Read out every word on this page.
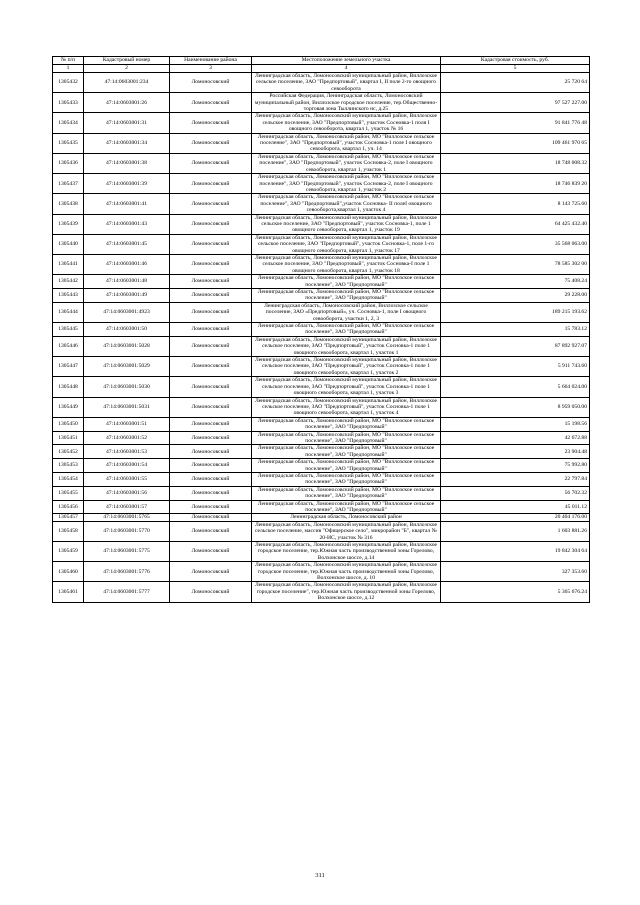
№ п/п	Кадастровый номер	Наименование района	Местоположение земельного участка	Кадастровая стоимость, руб.
1	2	3	4	5
1305432	47:14:0603001:234	Ломоносовский	Ленинградская область, Ломоносовский муниципальный район, Виллозское сельское поселение, ЗАО "Предпортовый", квартал I, II поле 2-го овощного севооборота	25 720 64
1305433	47:14:0603001:26	Ломоносовский	Российская Федерация, Ленинградская область, Ломоносовский муниципальный район, Виллозское городское поселение, тер.Общественно-торговая зона Тыллинского нс, д.25	97 527 227.00
1305434	47:14:0603001:31	Ломоносовский	Ленинградская область, Ломоносовский муниципальный район, Виллозское сельское поселение, ЗАО "Предпортовый", участок Сосновка-1 поля I овощного севооборота, квартал 1, участок № 16	91 841 776 48
1305435	47:14:0603001:34	Ломоносовский	Ленинградская область, Ломоносовский район, МО "Виллозское сельское поселение", ЗАО "Предпортовый", участок Сосновка-1 поле I овощного севооборота, квартал 1, уч. 14	109 461 970 65
1305436	47:14:0603001:38	Ломоносовский	Ленинградская область, Ломоносовский район, МО "Виллозское сельское поселение", ЗАО "Предпортовый", участок Сосновка-2, поле I овощного севооборота, квартал 1, участок 1	18 748 008.32
1305437	47:14:0603001:39	Ломоносовский	Ленинградская область, Ломоносовский район, МО "Виллозское сельское поселение", ЗАО "Предпортовый", участок Сосновка-2, поле I овощного севооборота, квартал 1, участок 2	18 746 839 20
1305438	47:14:0603001:41	Ломоносовский	Ленинградская область, Ломоносовский район, МО "Виллозское сельское поселение", ЗАО "Предпортовый",участок Сосновка- II полеI овощного севооборота,квартал 1, участок 4	8 143 725.60
1305439	47:14:0603001:43	Ломоносовский	Ленинградская область, Ломоносовский муниципальный район, Виллозское сельское поселение, ЗАО "Предпортовый", участок Сосновка-1, поле 1 овощного севооборота, квартал 1, участок 19	64 425 432.40
1305440	47:14:0603001:45	Ломоносовский	Ленинградская область, Ломоносовский муниципальный район, Виллозское сельское поселение, ЗАО "Предпортовый", участок Сосновка-1, поле 1-го овощного севооборота, квартал 1, участок 17	35 568 063.00
1305441	47:14:0603001:46	Ломоносовский	Ленинградская область, Ломоносовский муниципальный район, Виллозское сельское поселение, ЗАО "Предпортовый", участок Сосновка-I поле 1 овощного севооборота, квартал 1, участок 18	78 585 302 00
1305442	47:14:0603001:48	Ломоносовский	Ленинградская область, Ломоносовский район, МО "Виллозское сельское поселение", ЗАО "Предпортовый"	75 408.24
1305443	47:14:0603001:49	Ломоносовский	Ленинградская область, Ломоносовский район, МО "Виллозское сельское поселение", ЗАО "Предпортовый"	29 228.00
1305444	47:14:0603001:4923	Ломоносовский	Ленинградская область, Ломоносовский район, Виллозское сельское поселение, ЗАО «Предпортовый», уч. Сосновка-1, поле I овощного севооборота, участки 1, 2, 3	189 215 193.62
1305445	47:14:0603001:50	Ломоносовский	Ленинградская область, Ломоносовский район, МО "Виллозское сельское поселение", ЗАО "Предпортовый"	15 783.12
1305446	47:14:0603001:5028	Ломоносовский	Ленинградская область, Ломоносовский муниципальный район, Виллозское сельское поселение, ЗАО "Предпортовый", участок Сосновка-1 поле 1 овощного севооборота, квартал 1, участок 1	87 892 927.07
1305447	47:14:0603001:5029	Ломоносовский	Ленинградская область, Ломоносовский муниципальный район, Виллозское сельское поселение, ЗАО "Предпортовый", участок Сосновка-1 поле 1 овощного севооборота, квартал 1, участок 2	5 911 743.60
1305448	47:14:0603001:5030	Ломоносовский	Ленинградская область, Ломоносовский муниципальный район, Виллозское сельское поселение, ЗАО "Предпортовый", участок Сосновка-1 поле 1 овощного севооборота, квартал 1, участок 3	5 664 024.00
1305449	47:14:0603001:5031	Ломоносовский	Ленинградская область, Ломоносовский муниципальный район, Виллозское сельское поселение, ЗАО "Предпортовый", участок Сосновка-1 поле 1 овощного севооборота, квартал 1, участок 4	8 959 050.00
1305450	47:14:0603001:51	Ломоносовский	Ленинградская область, Ломоносовский район, МО "Виллозское сельское поселение", ЗАО "Предпортовый"	15 198.56
1305451	47:14:0603001:52	Ломоносовский	Ленинградская область, Ломоносовский район, МО "Виллозское сельское поселение", ЗАО "Предпортовый"	42 672.88
1305452	47:14:0603001:53	Ломоносовский	Ленинградская область, Ломоносовский район, МО "Виллозское сельское поселение", ЗАО "Предпортовый"	23 904.48
1305453	47:14:0603001:54	Ломоносовский	Ленинградская область, Ломоносовский район, МО "Виллозское сельское поселение", ЗАО "Предпортовый"	75 992.80
1305454	47:14:0603001:55	Ломоносовский	Ленинградская область, Ломоносовский район, МО "Виллозское сельское поселение", ЗАО "Предпортовый"	22 797.84
1305455	47:14:0603001:56	Ломоносовский	Ленинградская область, Ломоносовский район, МО "Виллозское сельское поселение", ЗАО "Предпортовый"	56 702.32
1305456	47:14:0603001:57	Ломоносовский	Ленинградская область, Ломоносовский район, МО "Виллозское сельское поселение", ЗАО "Предпортовый"	45 011.12
1305457	47:14:0603001:5765	Ломоносовский	Ленинградская область, Ломоносовский район	20 404 176.00
1305458	47:14:0603001:5770	Ломоносовский	Ленинградская область, Ломоносовский муниципальный район, Виллозское сельское поселение, массив "Офицерское село", микрорайон "Б", квартал № 20-ИС, участок № 316	1 603 881.26
1305459	47:14:0603001:5775	Ломоносовский	Ленинградская область, Ломоносовский муниципальный район, Виллозское городское поселение, тер.Южная часть производственной зоны Горелово, Волхонское шоссе, д.14	19 842 304 64
1305460	47:14:0603001:5776	Ломоносовский	Ленинградская область, Ломоносовский муниципальный район, Виллозское городское поселение, тер.Южная часть производственной зоны Горелово, Волхонское шоссе, д. 10	327 353.60
1305461	47:14:0603001:5777	Ломоносовский	Ленинградская область, Ломоносовский муниципальный район, Виллозское городское поселение", тер.Южная часть производственной зоны Горелово, Волхонское шоссе, д.12	5 365 676.24
311
